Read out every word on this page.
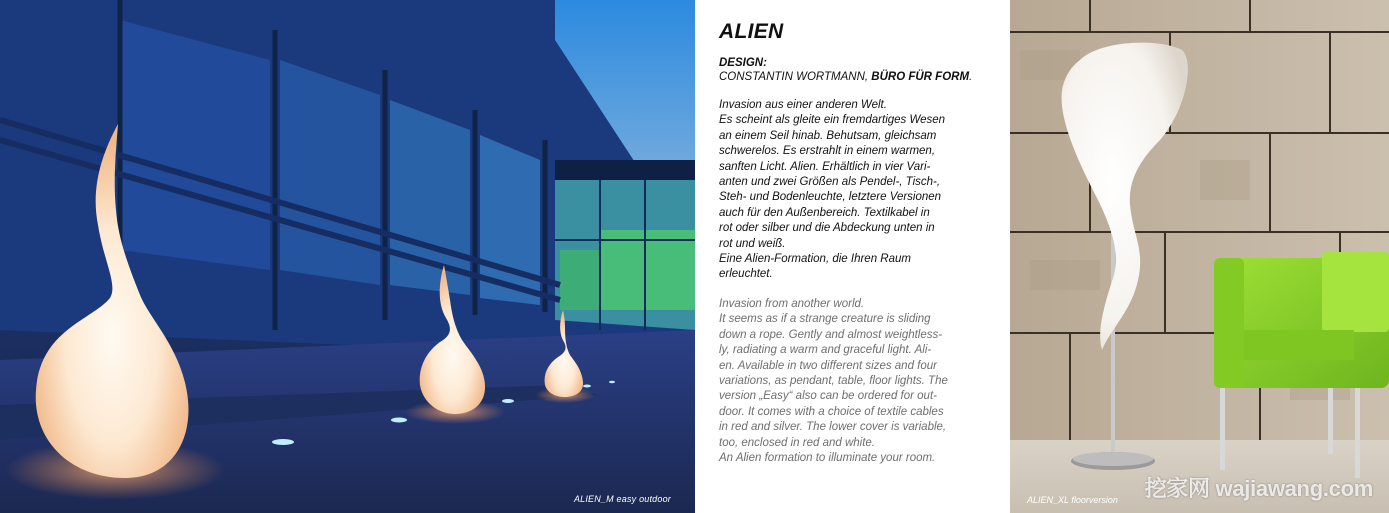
ALIEN_M easy outdoor
ALIEN
DESIGN:
CONSTANTIN WORTMANN, BÜRO FÜR FORM.

Invasion aus einer anderen Welt.
Es scheint als gleite ein fremdartiges Wesen
an einem Seil hinab. Behutsam, gleichsam
schwerelos. Es erstrahlt in einem warmen,
sanften Licht. Alien. Erhältlich in vier Vari-
anten und zwei Größen als Pendel-, Tisch-,
Steh- und Bodenleuchte, letztere Versionen
auch für den Außenbereich. Textilkabel in
rot oder silber und die Abdeckung unten in
rot und weiß.
Eine Alien-Formation, die Ihren Raum
erleuchtet.

Invasion from another world.
It seems as if a strange creature is sliding
down a rope. Gently and almost weightless-
ly, radiating a warm and graceful light. Ali-
en. Available in two different sizes and four
variations, as pendant, table, floor lights. The
version „Easy“ also can be ordered for out-
door. It comes with a choice of textile cables
in red and silver. The lower cover is variable,
too, enclosed in red and white.
An Alien formation to illuminate your room.

ALIEN_XL floorversion 挖家网 wajiawang.com
